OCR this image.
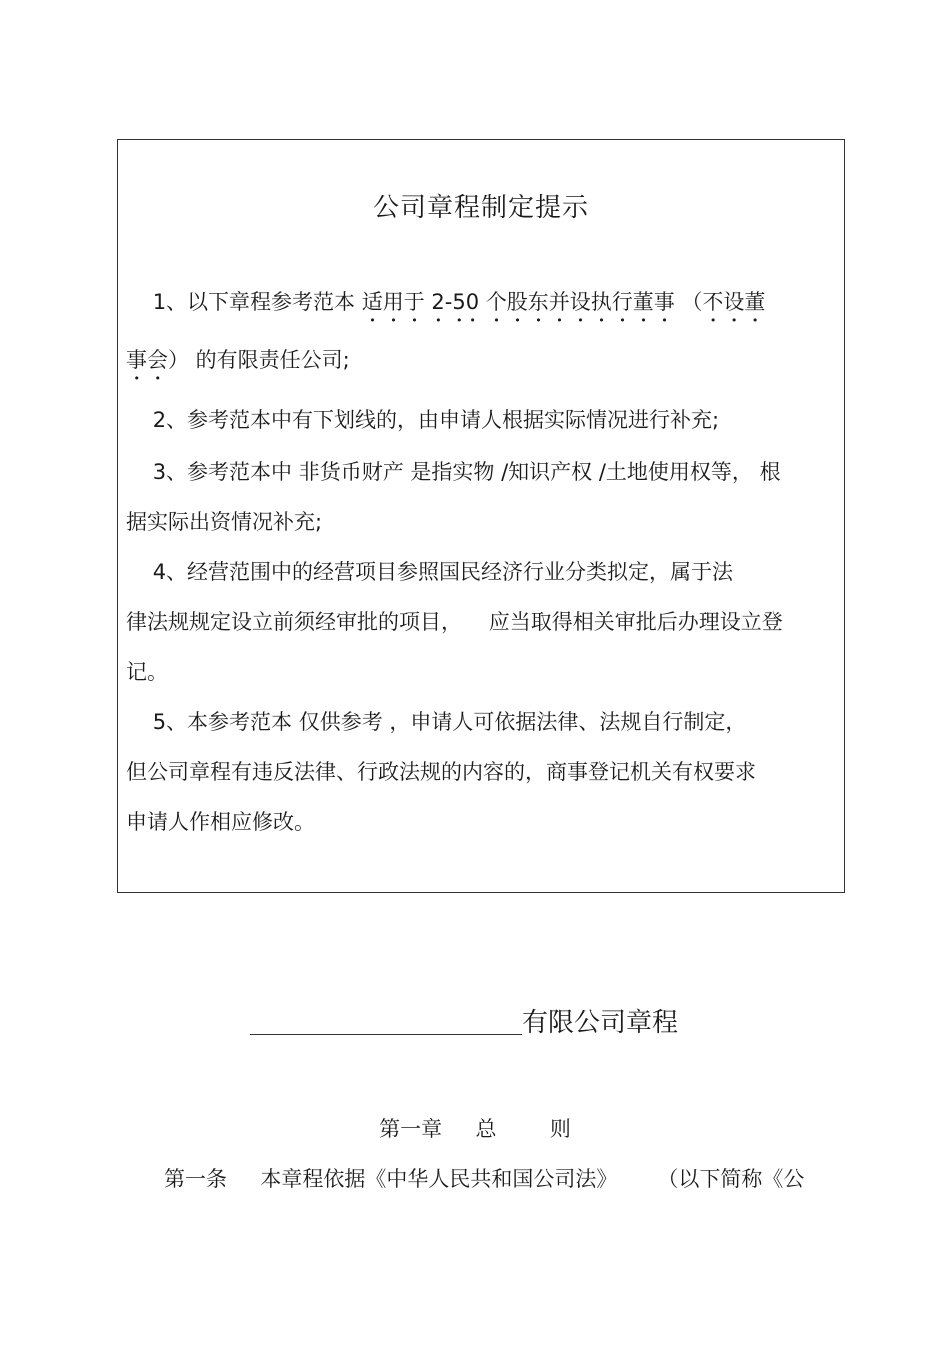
公司章程制定提示
1、以下章程参考范本 适用于 2-50 个股东并设执行董事 （不设董
事会） 的有限责任公司;
2、参考范本中有下划线的，由申请人根据实际情况进行补充;
3、参考范本中 非货币财产 是指实物 /知识产权 /土地使用权等， 根
据实际出资情况补充;
4、经营范围中的经营项目参照国民经济行业分类拟定，属于法
律法规规定设立前须经审批的项目，    应当取得相关审批后办理设立登
记。
5、本参考范本 仅供参考 ，申请人可依据法律、法规自行制定，
但公司章程有违反法律、行政法规的内容的，商事登记机关有权要求
申请人作相应修改。
有限公司章程
第一章     总        则
第一条     本章程依据《中华人民共和国公司法》      （以下简称《公
